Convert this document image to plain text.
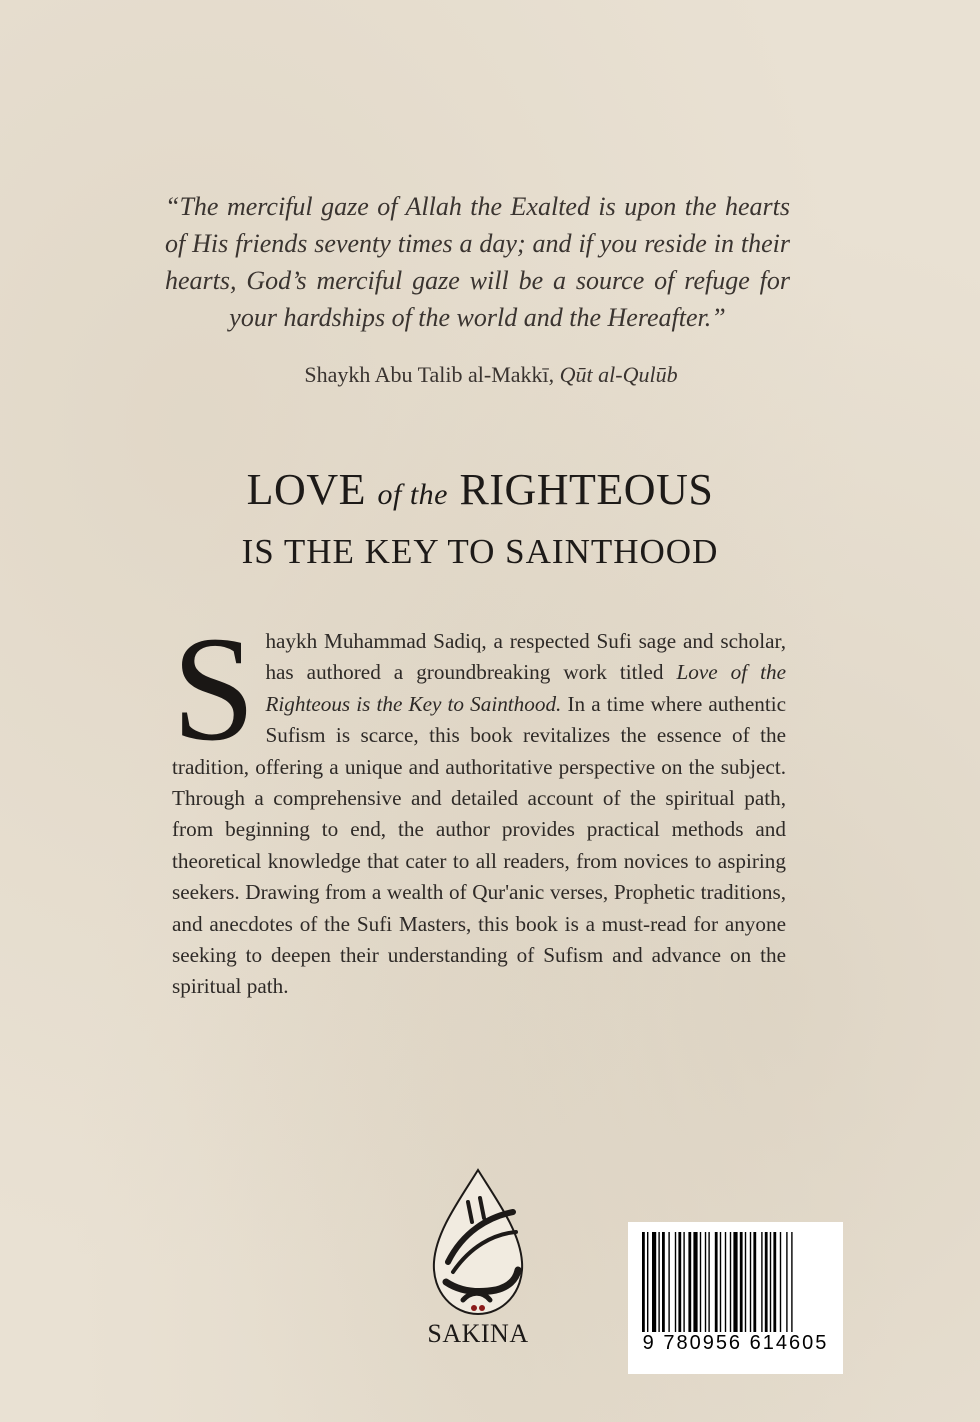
“The merciful gaze of Allah the Exalted is upon the hearts of His friends seventy times a day; and if you reside in their hearts, God’s merciful gaze will be a source of refuge for your hardships of the world and the Hereafter.”
Shaykh Abu Talib al-Makkī, Qūt al-Qulūb
LOVE of the RIGHTEOUS
IS THE KEY TO SAINTHOOD
Shaykh Muhammad Sadiq, a respected Sufi sage and scholar, has authored a groundbreaking work titled Love of the Righteous is the Key to Sainthood. In a time where authentic Sufism is scarce, this book revitalizes the essence of the tradition, offering a unique and authoritative perspective on the subject. Through a comprehensive and detailed account of the spiritual path, from beginning to end, the author provides practical methods and theoretical knowledge that cater to all readers, from novices to aspiring seekers. Drawing from a wealth of Qur'anic verses, Prophetic traditions, and anecdotes of the Sufi Masters, this book is a must-read for anyone seeking to deepen their understanding of Sufism and advance on the spiritual path.
SAKINA	9 780956 614605
